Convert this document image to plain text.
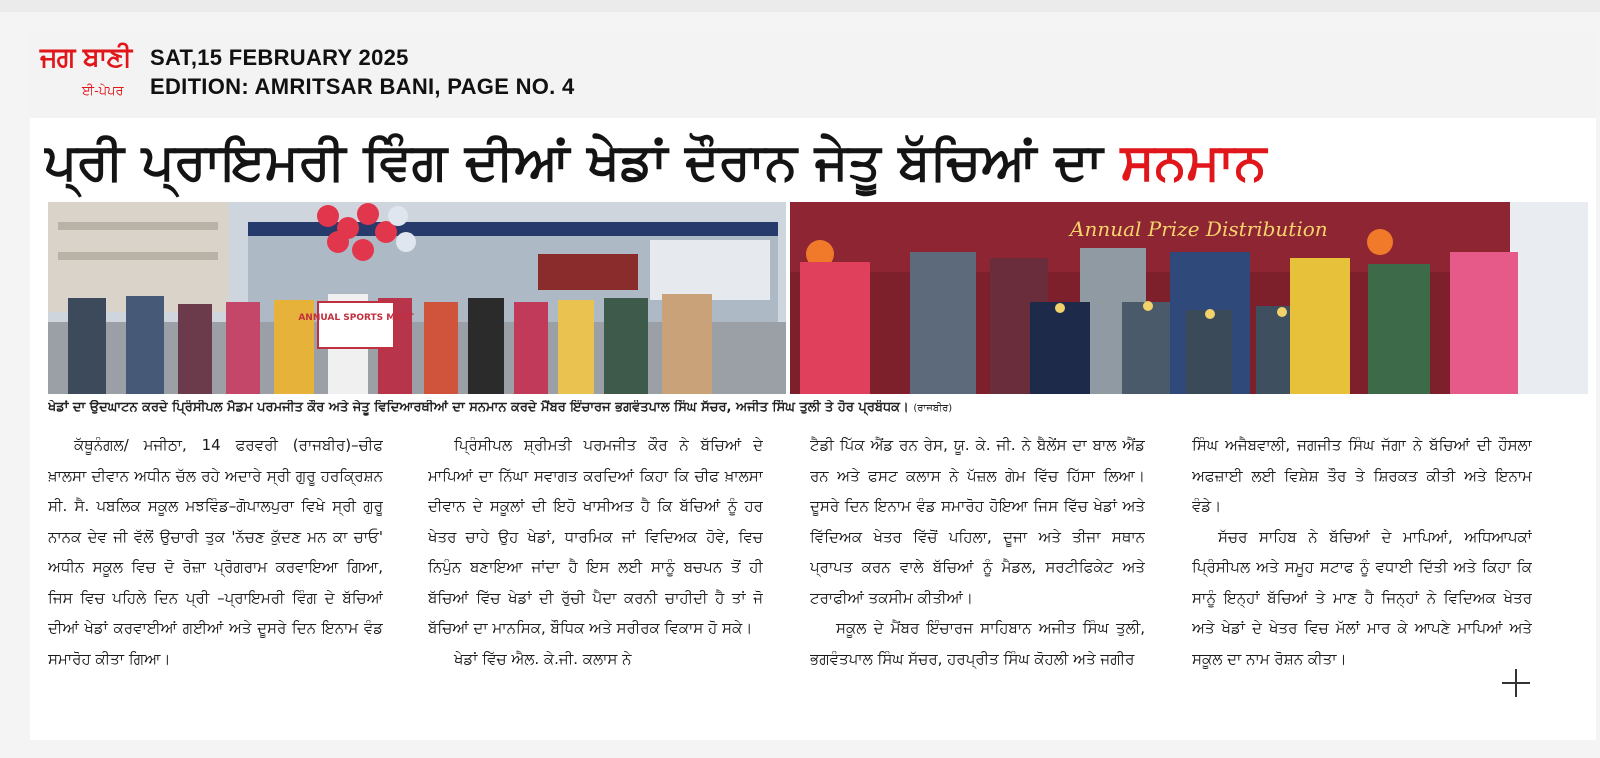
ਜਗ ਬਾਣੀ
ਈ-ਪੇਪਰ
SAT,15 FEBRUARY 2025
EDITION: AMRITSAR BANI, PAGE NO. 4
ਪ੍ਰੀ ਪ੍ਰਾਇਮਰੀ ਵਿੰਗ ਦੀਆਂ ਖੇਡਾਂ ਦੌਰਾਨ ਜੇਤੂ ਬੱਚਿਆਂ ਦਾ ਸਨਮਾਨ
ANNUAL SPORTS MEET
Annual Prize Distribution
ਖੇਡਾਂ ਦਾ ਉਦਘਾਟਨ ਕਰਦੇ ਪ੍ਰਿੰਸੀਪਲ ਮੈਡਮ ਪਰਮਜੀਤ ਕੌਰ ਅਤੇ ਜੇਤੂ ਵਿਦਿਆਰਥੀਆਂ ਦਾ ਸਨਮਾਨ ਕਰਦੇ ਮੈਂਬਰ ਇੰਚਾਰਜ ਭਗਵੰਤਪਾਲ ਸਿੰਘ ਸੱਚਰ, ਅਜੀਤ ਸਿੰਘ ਤੁਲੀ ਤੇ ਹੋਰ ਪ੍ਰਬੰਧਕ। (ਰਾਜਬੀਰ)

ਕੱਥੂਨੰਗਲ/ ਮਜੀਠਾ, 14 ਫਰਵਰੀ (ਰਾਜਬੀਰ)–ਚੀਫ ਖ਼ਾਲਸਾ ਦੀਵਾਨ ਅਧੀਨ ਚੱਲ ਰਹੇ ਅਦਾਰੇ ਸ੍ਰੀ ਗੁਰੂ ਹਰਕ੍ਰਿਸ਼ਨ ਸੀ. ਸੈ. ਪਬਲਿਕ ਸਕੂਲ ਮਝਵਿੰਡ–ਗੋਪਾਲਪੁਰਾ ਵਿਖੇ ਸ੍ਰੀ ਗੁਰੂ ਨਾਨਕ ਦੇਵ ਜੀ ਵੱਲੋਂ ਉਚਾਰੀ ਤੁਕ 'ਨੱਚਣ ਕੁੱਦਣ ਮਨ ਕਾ ਚਾਓ' ਅਧੀਨ ਸਕੂਲ ਵਿਚ ਦੋ ਰੋਜ਼ਾ ਪ੍ਰੋਗਰਾਮ ਕਰਵਾਇਆ ਗਿਆ, ਜਿਸ ਵਿਚ ਪਹਿਲੇ ਦਿਨ ਪ੍ਰੀ –ਪ੍ਰਾਇਮਰੀ ਵਿੰਗ ਦੇ ਬੱਚਿਆਂ ਦੀਆਂ ਖੇਡਾਂ ਕਰਵਾਈਆਂ ਗਈਆਂ ਅਤੇ ਦੂਸਰੇ ਦਿਨ ਇਨਾਮ ਵੰਡ ਸਮਾਰੋਹ ਕੀਤਾ ਗਿਆ।

ਪ੍ਰਿੰਸੀਪਲ ਸ਼੍ਰੀਮਤੀ ਪਰਮਜੀਤ ਕੌਰ ਨੇ ਬੱਚਿਆਂ ਦੇ ਮਾਪਿਆਂ ਦਾ ਨਿੱਘਾ ਸਵਾਗਤ ਕਰਦਿਆਂ ਕਿਹਾ ਕਿ ਚੀਫ ਖ਼ਾਲਸਾ ਦੀਵਾਨ ਦੇ ਸਕੂਲਾਂ ਦੀ ਇਹੋ ਖਾਸੀਅਤ ਹੈ ਕਿ ਬੱਚਿਆਂ ਨੂੰ ਹਰ ਖੇਤਰ ਚਾਹੇ ਉਹ ਖੇਡਾਂ, ਧਾਰਮਿਕ ਜਾਂ ਵਿਦਿਅਕ ਹੋਵੇ, ਵਿਚ ਨਿਪੁੰਨ ਬਣਾਇਆ ਜਾਂਦਾ ਹੈ ਇਸ ਲਈ ਸਾਨੂੰ ਬਚਪਨ ਤੋਂ ਹੀ ਬੱਚਿਆਂ ਵਿੱਚ ਖੇਡਾਂ ਦੀ ਰੁੱਚੀ ਪੈਦਾ ਕਰਨੀ ਚਾਹੀਦੀ ਹੈ ਤਾਂ ਜੋ ਬੱਚਿਆਂ ਦਾ ਮਾਨਸਿਕ, ਬੌਧਿਕ ਅਤੇ ਸਰੀਰਕ ਵਿਕਾਸ ਹੋ ਸਕੇ।

ਖੇਡਾਂ ਵਿੱਚ ਐਲ. ਕੇ.ਜੀ. ਕਲਾਸ ਨੇ

ਟੈਡੀ ਪਿੱਕ ਐਂਡ ਰਨ ਰੇਸ, ਯੂ. ਕੇ. ਜੀ. ਨੇ ਬੈਲੇਂਸ ਦਾ ਬਾਲ ਐਂਡ ਰਨ ਅਤੇ ਫਸਟ ਕਲਾਸ ਨੇ ਪੱਜ਼ਲ ਗੇਮ ਵਿੱਚ ਹਿੱਸਾ ਲਿਆ। ਦੂਸਰੇ ਦਿਨ ਇਨਾਮ ਵੰਡ ਸਮਾਰੋਹ ਹੋਇਆ ਜਿਸ ਵਿੱਚ ਖੇਡਾਂ ਅਤੇ ਵਿੱਦਿਅਕ ਖੇਤਰ ਵਿੱਚੋਂ ਪਹਿਲਾ, ਦੂਜਾ ਅਤੇ ਤੀਜਾ ਸਥਾਨ ਪ੍ਰਾਪਤ ਕਰਨ ਵਾਲੇ ਬੱਚਿਆਂ ਨੂੰ ਮੈਡਲ, ਸਰਟੀਫਿਕੇਟ ਅਤੇ ਟਰਾਫੀਆਂ ਤਕਸੀਮ ਕੀਤੀਆਂ।

ਸਕੂਲ ਦੇ ਮੈਂਬਰ ਇੰਚਾਰਜ ਸਾਹਿਬਾਨ ਅਜੀਤ ਸਿੰਘ ਤੁਲੀ, ਭਗਵੰਤਪਾਲ ਸਿੰਘ ਸੱਚਰ, ਹਰਪ੍ਰੀਤ ਸਿੰਘ ਕੋਹਲੀ ਅਤੇ ਜਗੀਰ

ਸਿੰਘ ਅਜੈਬਵਾਲੀ, ਜਗਜੀਤ ਸਿੰਘ ਜੱਗਾ ਨੇ ਬੱਚਿਆਂ ਦੀ ਹੌਸਲਾ ਅਫਜ਼ਾਈ ਲਈ ਵਿਸ਼ੇਸ਼ ਤੌਰ ਤੇ ਸ਼ਿਰਕਤ ਕੀਤੀ ਅਤੇ ਇਨਾਮ ਵੰਡੇ।

ਸੱਚਰ ਸਾਹਿਬ ਨੇ ਬੱਚਿਆਂ ਦੇ ਮਾਪਿਆਂ, ਅਧਿਆਪਕਾਂ ਪ੍ਰਿੰਸੀਪਲ ਅਤੇ ਸਮੂਹ ਸਟਾਫ ਨੂੰ ਵਧਾਈ ਦਿੱਤੀ ਅਤੇ ਕਿਹਾ ਕਿ ਸਾਨੂੰ ਇਨ੍ਹਾਂ ਬੱਚਿਆਂ ਤੇ ਮਾਣ ਹੈ ਜਿਨ੍ਹਾਂ ਨੇ ਵਿਦਿਅਕ ਖੇਤਰ ਅਤੇ ਖੇਡਾਂ ਦੇ ਖੇਤਰ ਵਿਚ ਮੱਲਾਂ ਮਾਰ ਕੇ ਆਪਣੇ ਮਾਪਿਆਂ ਅਤੇ ਸਕੂਲ ਦਾ ਨਾਮ ਰੋਸ਼ਨ ਕੀਤਾ।
